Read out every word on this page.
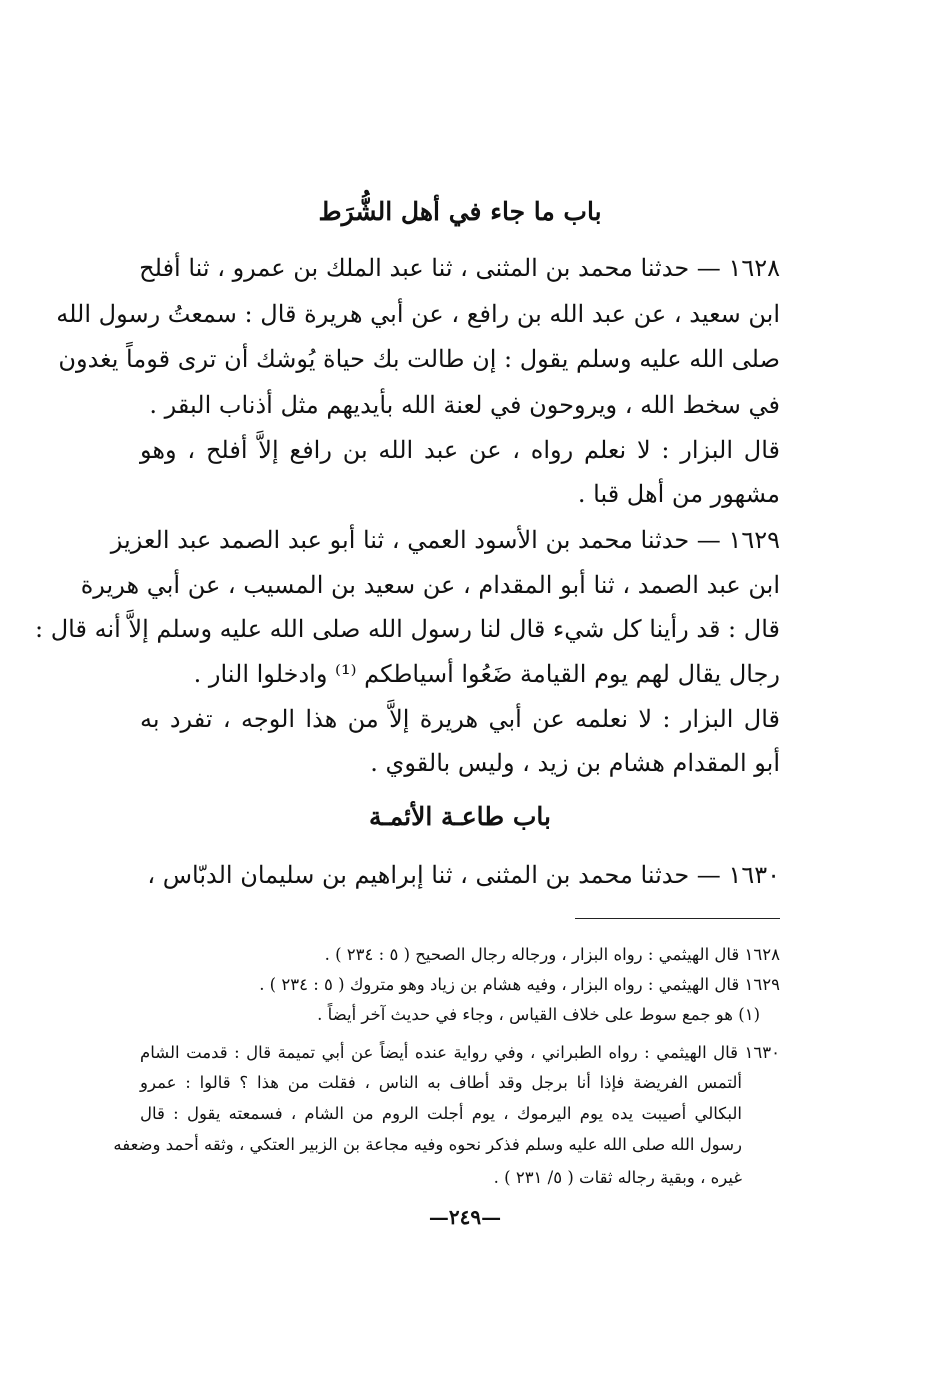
باب ما جاء في أهل الشُّرَط
١٦٢٨ — حدثنا محمد بن المثنى ، ثنا عبد الملك بن عمرو ، ثنا أفلح
ابن سعيد ، عن عبد الله بن رافع ، عن أبي هريرة قال : سمعتُ رسول الله
صلى الله عليه وسلم يقول : إن طالت بك حياة يُوشك أن ترى قوماً يغدون
في سخط الله ، ويروحون في لعنة الله بأيديهم مثل أذناب البقر .
قال البزار : لا نعلم رواه ، عن عبد الله بن رافع إلاَّ أفلح ، وهو
مشهور من أهل قبا .
١٦٢٩ — حدثنا محمد بن الأسود العمي ، ثنا أبو عبد الصمد عبد العزيز
ابن عبد الصمد ، ثنا أبو المقدام ، عن سعيد بن المسيب ، عن أبي هريرة
قال : قد رأينا كل شيء قال لنا رسول الله صلى الله عليه وسلم إلاَّ أنه قال :
رجال يقال لهم يوم القيامة ضَعُوا أسياطكم ⁽¹⁾ وادخلوا النار .
قال البزار : لا نعلمه عن أبي هريرة إلاَّ من هذا الوجه ، تفرد به
أبو المقدام هشام بن زيد ، وليس بالقوي .
باب طاعـة الأئمـة
١٦٣٠ — حدثنا محمد بن المثنى ، ثنا إبراهيم بن سليمان الدبّاس ،
١٦٢٨ قال الهيثمي : رواه البزار ، ورجاله رجال الصحيح ( ٥ : ٢٣٤ ) .
١٦٢٩ قال الهيثمي : رواه البزار ، وفيه هشام بن زياد وهو متروك ( ٥ : ٢٣٤ ) .
(١) هو جمع سوط على خلاف القياس ، وجاء في حديث آخر أيضاً .
١٦٣٠ قال الهيثمي : رواه الطبراني ، وفي رواية عنده أيضاً عن أبي تميمة قال : قدمت الشام
ألتمس الفريضة فإذا أنا برجل وقد أطاف به الناس ، فقلت من هذا ؟ قالوا : عمرو
البكالي أصيبت يده يوم اليرموك ، يوم أجلت الروم من الشام ، فسمعته يقول : قال
رسول الله صلى الله عليه وسلم فذكر نحوه وفيه مجاعة بن الزبير العتكي ، وثقه أحمد وضعفه
غيره ، وبقية رجاله ثقات ( ٥/ ٢٣١ ) .
—٢٤٩—
